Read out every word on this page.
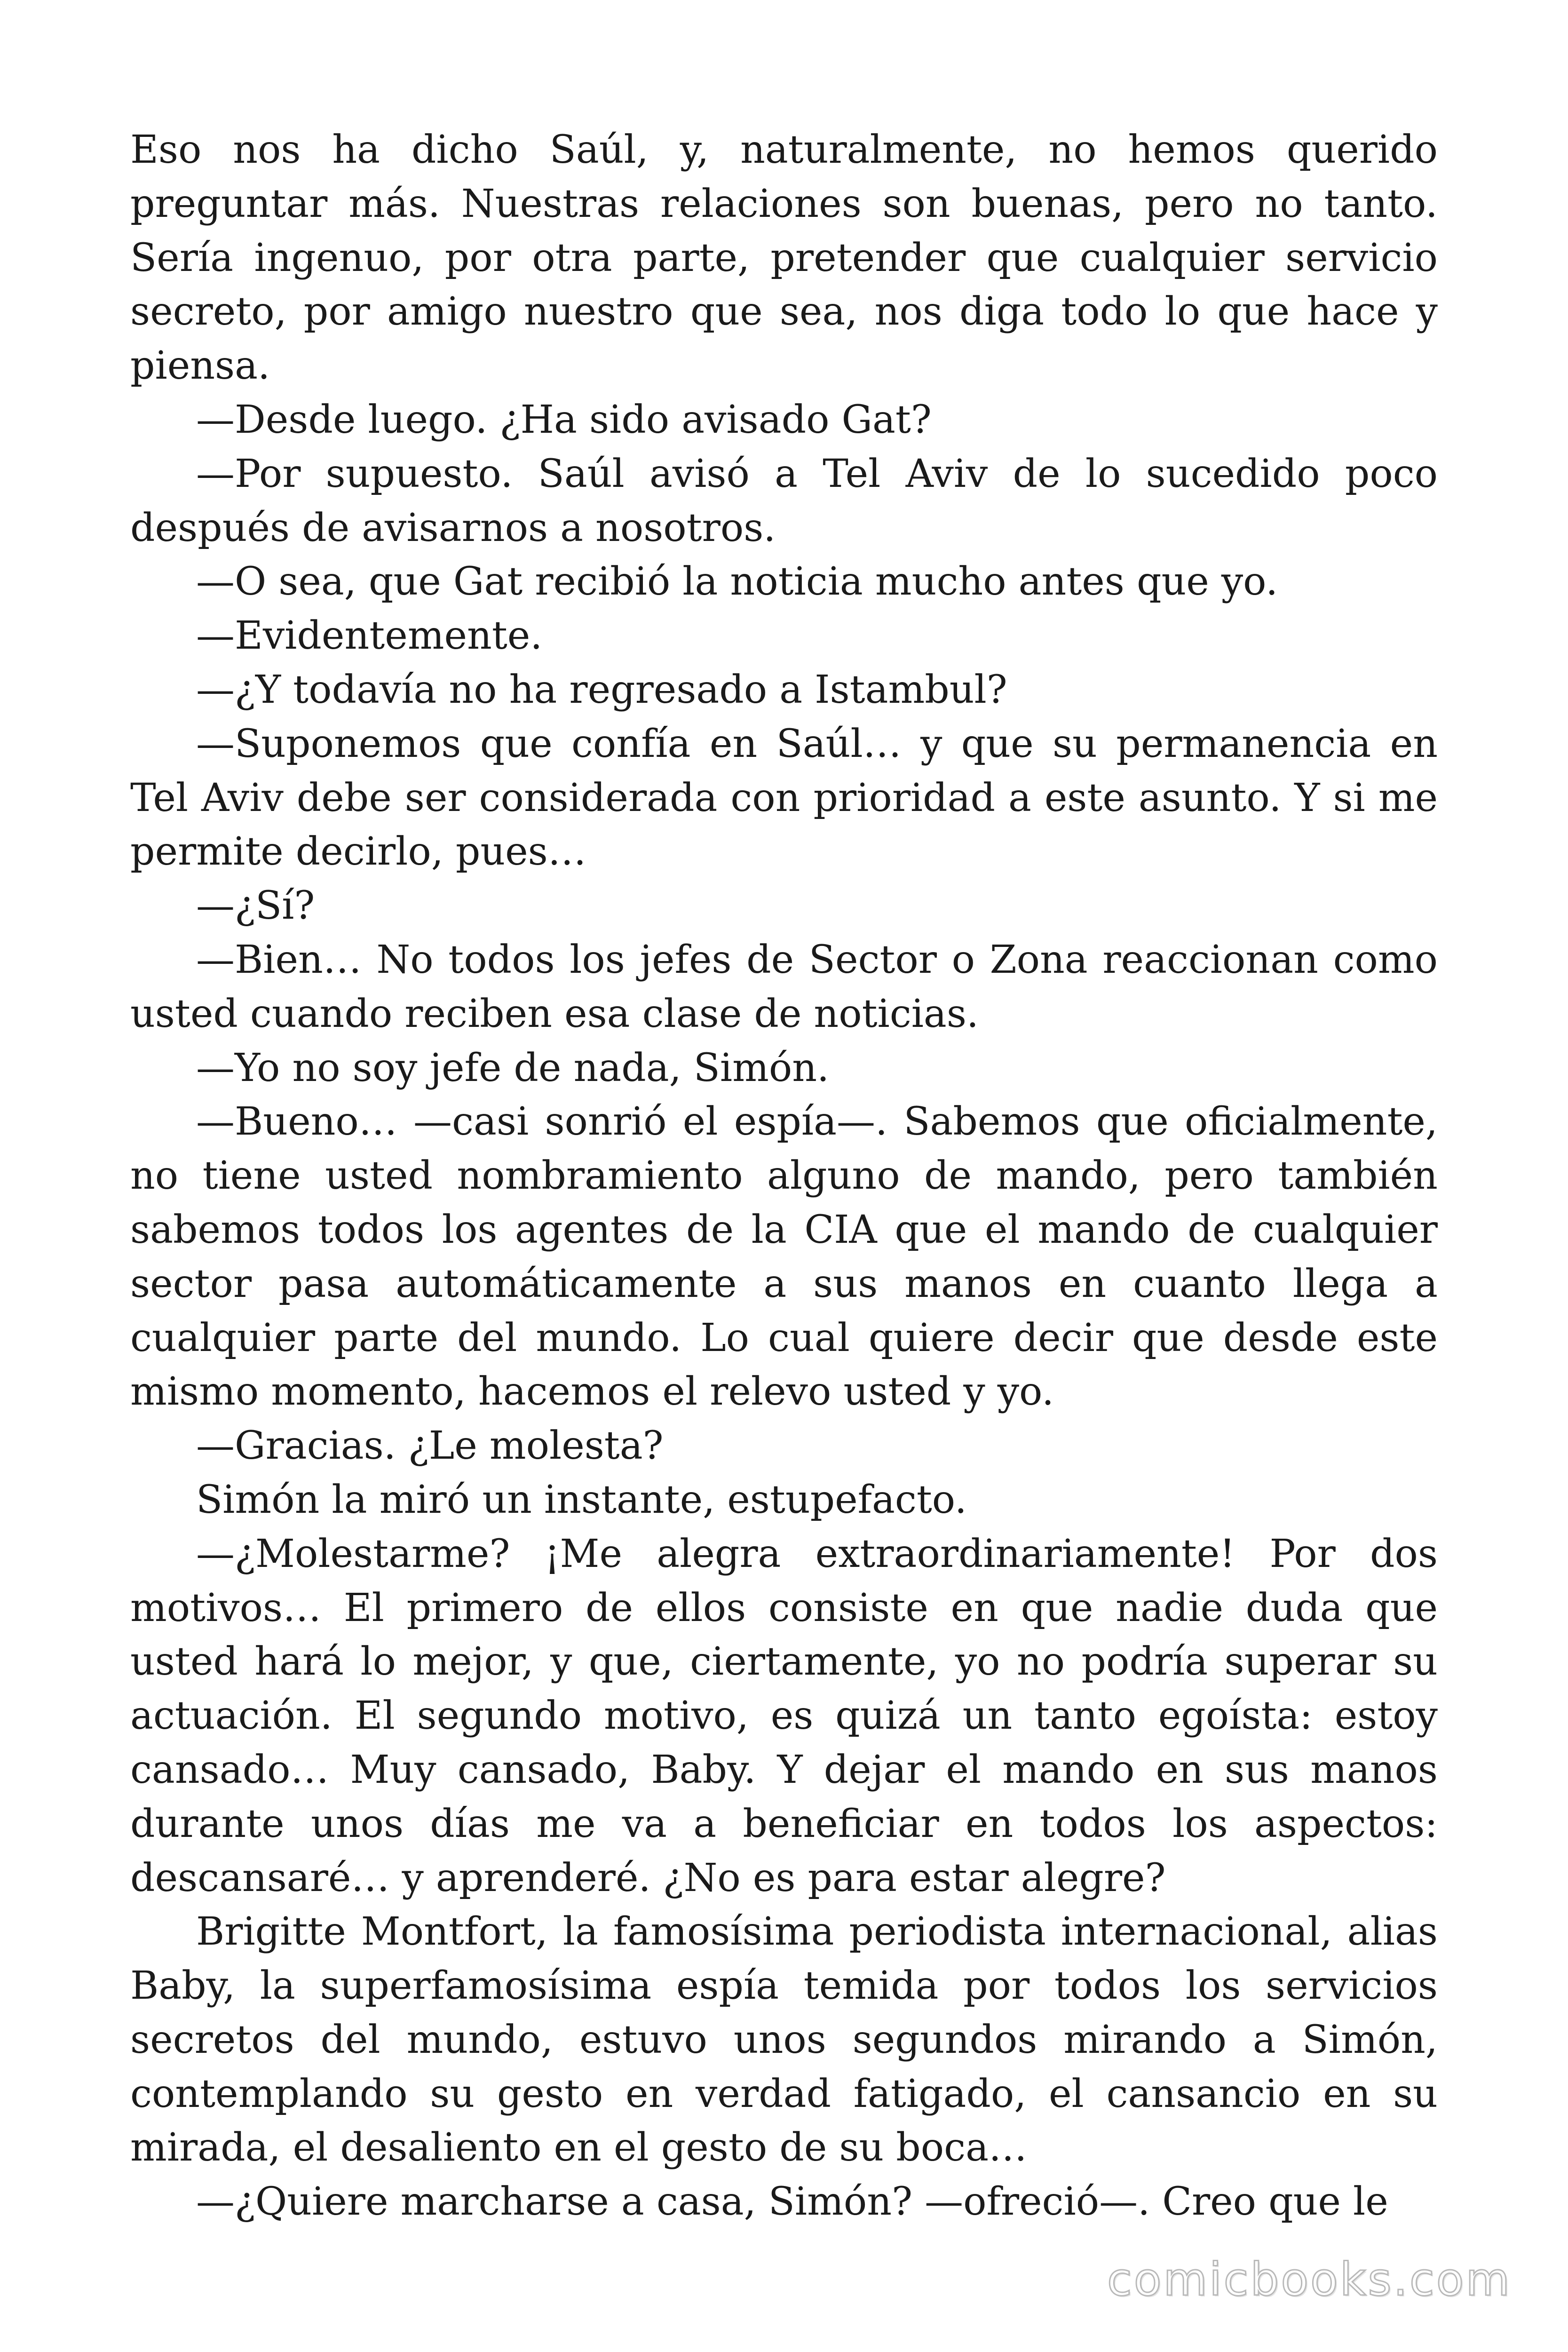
Eso nos ha dicho Saúl, y, naturalmente, no hemos querido preguntar más. Nuestras relaciones son buenas, pero no tanto. Sería ingenuo, por otra parte, pretender que cualquier servicio secreto, por amigo nuestro que sea, nos diga todo lo que hace y piensa.

—Desde luego. ¿Ha sido avisado Gat?

—Por supuesto. Saúl avisó a Tel Aviv de lo sucedido poco después de avisarnos a nosotros.

—O sea, que Gat recibió la noticia mucho antes que yo.

—Evidentemente.

—¿Y todavía no ha regresado a Istambul?

—Suponemos que confía en Saúl… y que su permanencia en Tel Aviv debe ser considerada con prioridad a este asunto. Y si me permite decirlo, pues…

—¿Sí?

—Bien… No todos los jefes de Sector o Zona reaccionan como usted cuando reciben esa clase de noticias.

—Yo no soy jefe de nada, Simón.

—Bueno… —casi sonrió el espía—. Sabemos que oficialmente, no tiene usted nombramiento alguno de mando, pero también sabemos todos los agentes de la CIA que el mando de cualquier sector pasa automáticamente a sus manos en cuanto llega a cualquier parte del mundo. Lo cual quiere decir que desde este mismo momento, hacemos el relevo usted y yo.

—Gracias. ¿Le molesta?

Simón la miró un instante, estupefacto.

—¿Molestarme? ¡Me alegra extraordinariamente! Por dos motivos… El primero de ellos consiste en que nadie duda que usted hará lo mejor, y que, ciertamente, yo no podría superar su actuación. El segundo motivo, es quizá un tanto egoísta: estoy cansado… Muy cansado, Baby. Y dejar el mando en sus manos durante unos días me va a beneficiar en todos los aspectos: descansaré… y aprenderé. ¿No es para estar alegre?

Brigitte Montfort, la famosísima periodista internacional, alias Baby, la superfamosísima espía temida por todos los servicios secretos del mundo, estuvo unos segundos mirando a Simón, contemplando su gesto en verdad fatigado, el cansancio en su mirada, el desaliento en el gesto de su boca…

—¿Quiere marcharse a casa, Simón? —ofreció—. Creo que le

comicbooks.com
